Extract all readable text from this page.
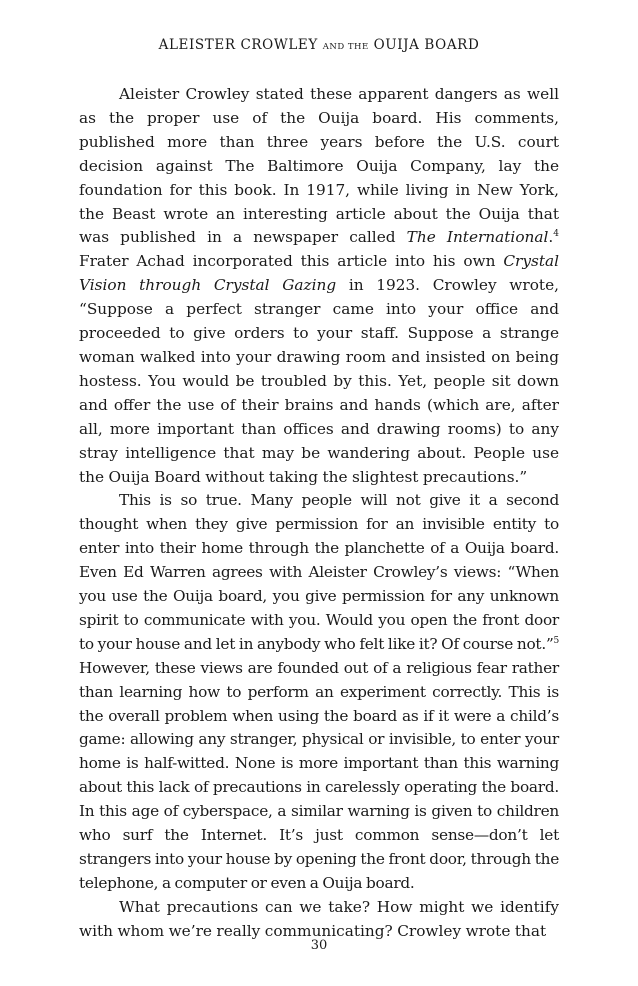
ALEISTER CROWLEY AND THE OUIJA BOARD

Aleister Crowley stated these apparent dangers as well as the proper use of the Ouija board. His comments, published more than three years before the U.S. court decision against The Baltimore Ouija Company, lay the foundation for this book. In 1917, while living in New York, the Beast wrote an interesting article about the Ouija that was published in a newspaper called The International.$^4$ Frater Achad incorporated this article into his own Crystal Vision through Crystal Gazing in 1923. Crowley wrote, “Suppose a perfect stranger came into your office and proceeded to give orders to your staff. Suppose a strange woman walked into your drawing room and insisted on being hostess. You would be troubled by this. Yet, people sit down and offer the use of their brains and hands (which are, after all, more important than offices and drawing rooms) to any stray intelligence that may be wandering about. People use the Ouija Board without taking the slightest precautions.”

This is so true. Many people will not give it a second thought when they give permission for an invisible entity to enter into their home through the planchette of a Ouija board. Even Ed Warren agrees with Aleister Crowley’s views: “When you use the Ouija board, you give permission for any unknown spirit to communicate with you. Would you open the front door to your house and let in anybody who felt like it? Of course not.”$^5$ However, these views are founded out of a religious fear rather than learning how to perform an experiment correctly. This is the overall problem when using the board as if it were a child’s game: allowing any stranger, physical or invisible, to enter your home is half-witted. None is more important than this warning about this lack of precautions in carelessly operating the board. In this age of cyberspace, a similar warning is given to children who surf the Internet. It’s just common sense—don’t let strangers into your house by opening the front door, through the telephone, a computer or even a Ouija board.

What precautions can we take? How might we identify with whom we’re really communicating? Crowley wrote that

30
